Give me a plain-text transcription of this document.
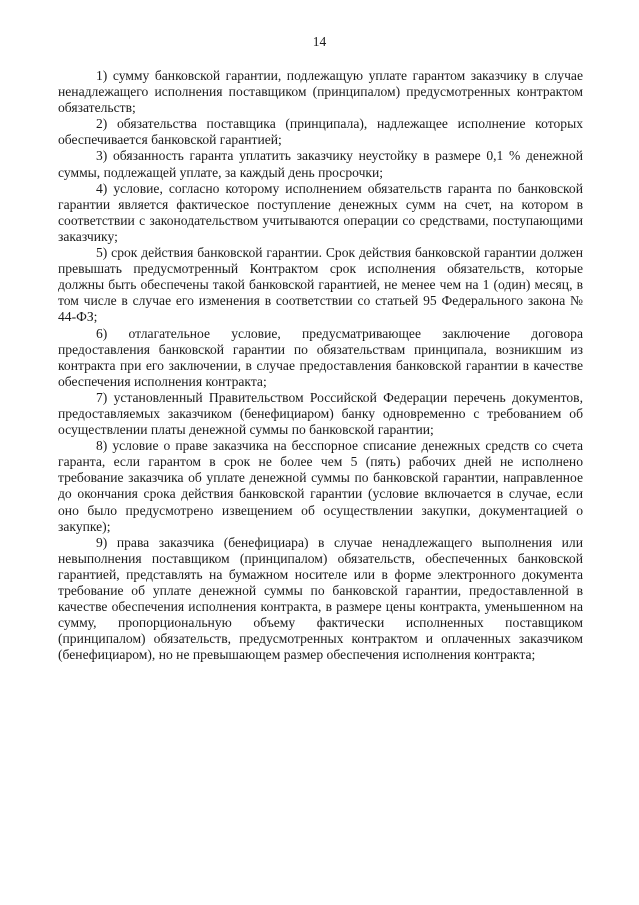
14

1) сумму банковской гарантии, подлежащую уплате гарантом заказчику в случае ненадлежащего исполнения поставщиком (принципалом) предусмотренных контрактом обязательств;

2) обязательства поставщика (принципала), надлежащее исполнение которых обеспечивается банковской гарантией;

3) обязанность гаранта уплатить заказчику неустойку в размере 0,1 % денежной суммы, подлежащей уплате, за каждый день просрочки;

4) условие, согласно которому исполнением обязательств гаранта по банковской гарантии является фактическое поступление денежных сумм на счет, на котором в соответствии с законодательством учитываются операции со средствами, поступающими заказчику;

5) срок действия банковской гарантии. Срок действия банковской гарантии должен превышать предусмотренный Контрактом срок исполнения обязательств, которые должны быть обеспечены такой банковской гарантией, не менее чем на 1 (один) месяц, в том числе в случае его изменения в соответствии со статьей 95 Федерального закона № 44-ФЗ;

6) отлагательное условие, предусматривающее заключение договора предоставления банковской гарантии по обязательствам принципала, возникшим из контракта при его заключении, в случае предоставления банковской гарантии в качестве обеспечения исполнения контракта;

7) установленный Правительством Российской Федерации перечень документов, предоставляемых заказчиком (бенефициаром) банку одновременно с требованием об осуществлении платы денежной суммы по банковской гарантии;

8) условие о праве заказчика на бесспорное списание денежных средств со счета гаранта, если гарантом в срок не более чем 5 (пять) рабочих дней не исполнено требование заказчика об уплате денежной суммы по банковской гарантии, направленное до окончания срока действия банковской гарантии (условие включается в случае, если оно было предусмотрено извещением об осуществлении закупки, документацией о закупке);

9) права заказчика (бенефициара) в случае ненадлежащего выполнения или невыполнения поставщиком (принципалом) обязательств, обеспеченных банковской гарантией, представлять на бумажном носителе или в форме электронного документа требование об уплате денежной суммы по банковской гарантии, предоставленной в качестве обеспечения исполнения контракта, в размере цены контракта, уменьшенном на сумму, пропорциональную объему фактически исполненных поставщиком (принципалом) обязательств, предусмотренных контрактом и оплаченных заказчиком (бенефициаром), но не превышающем размер обеспечения исполнения контракта;
